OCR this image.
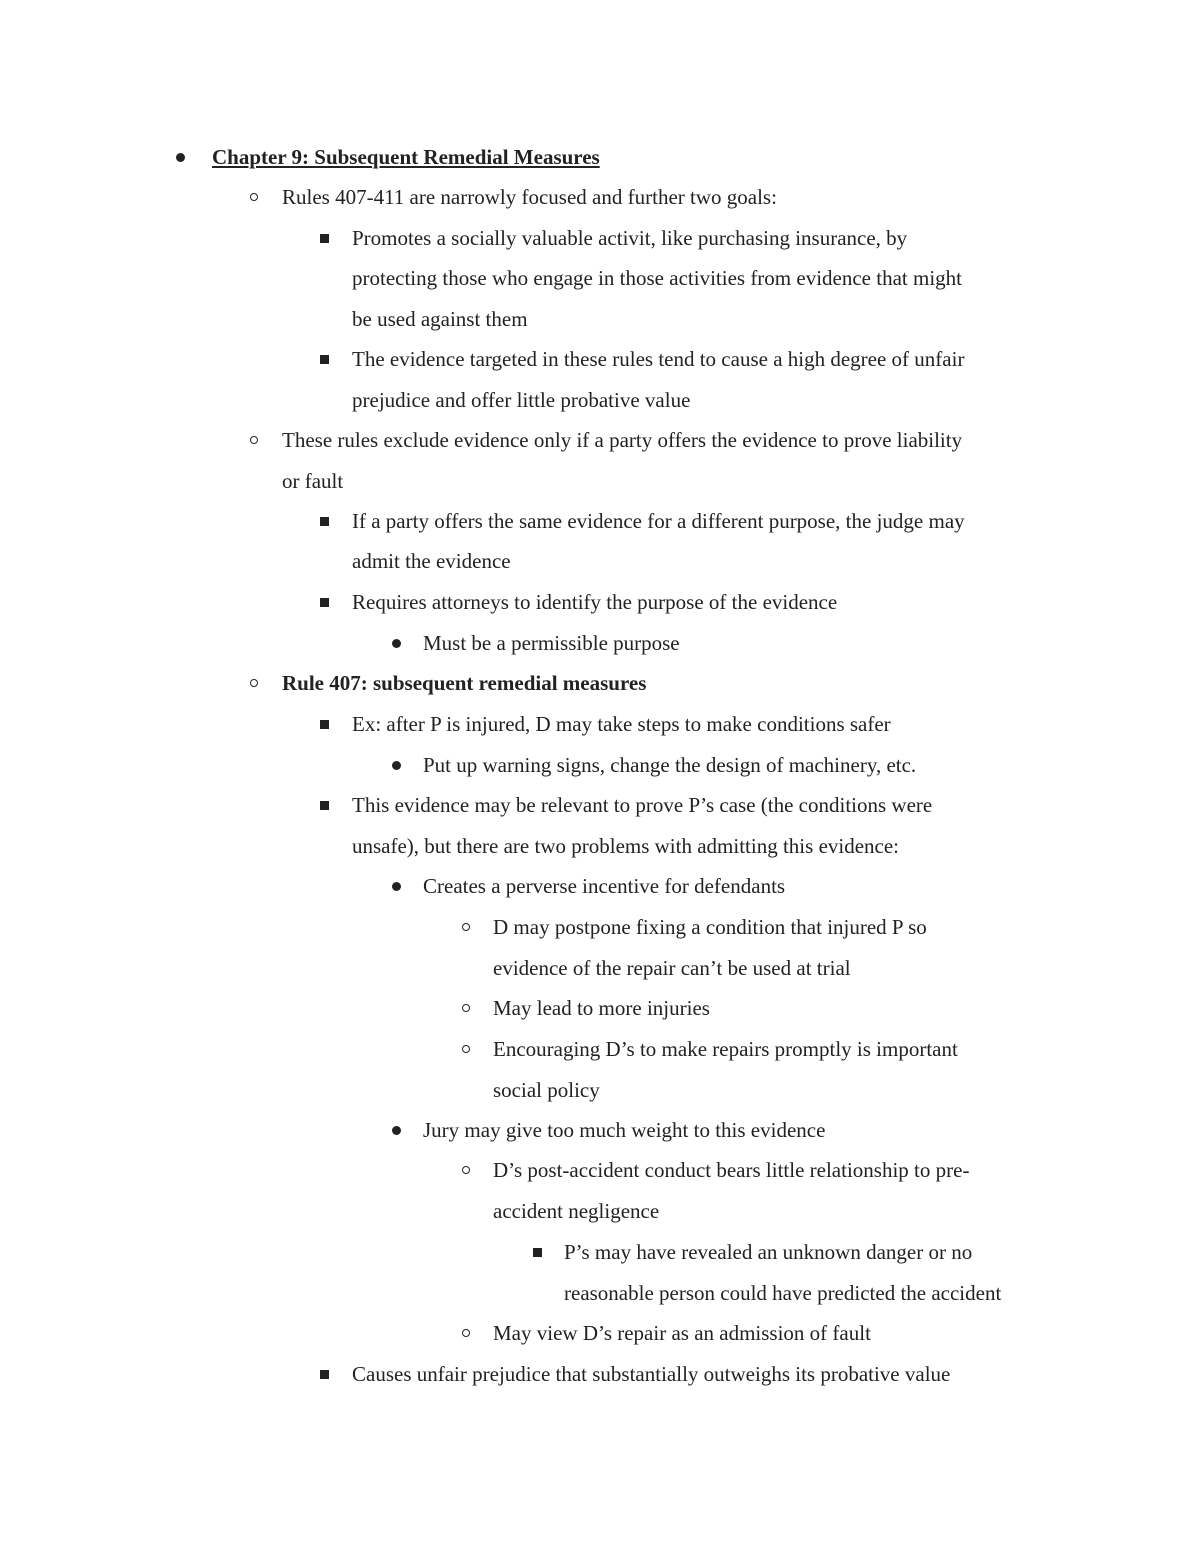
Chapter 9: Subsequent Remedial Measures
Rules 407-411 are narrowly focused and further two goals:
Promotes a socially valuable activit, like purchasing insurance, by
protecting those who engage in those activities from evidence that might
be used against them
The evidence targeted in these rules tend to cause a high degree of unfair
prejudice and offer little probative value
These rules exclude evidence only if a party offers the evidence to prove liability
or fault
If a party offers the same evidence for a different purpose, the judge may
admit the evidence
Requires attorneys to identify the purpose of the evidence
Must be a permissible purpose
Rule 407: subsequent remedial measures
Ex: after P is injured, D may take steps to make conditions safer
Put up warning signs, change the design of machinery, etc.
This evidence may be relevant to prove P’s case (the conditions were
unsafe), but there are two problems with admitting this evidence:
Creates a perverse incentive for defendants
D may postpone fixing a condition that injured P so
evidence of the repair can’t be used at trial
May lead to more injuries
Encouraging D’s to make repairs promptly is important
social policy
Jury may give too much weight to this evidence
D’s post-accident conduct bears little relationship to pre-
accident negligence
P’s may have revealed an unknown danger or no
reasonable person could have predicted the accident
May view D’s repair as an admission of fault
Causes unfair prejudice that substantially outweighs its probative value
